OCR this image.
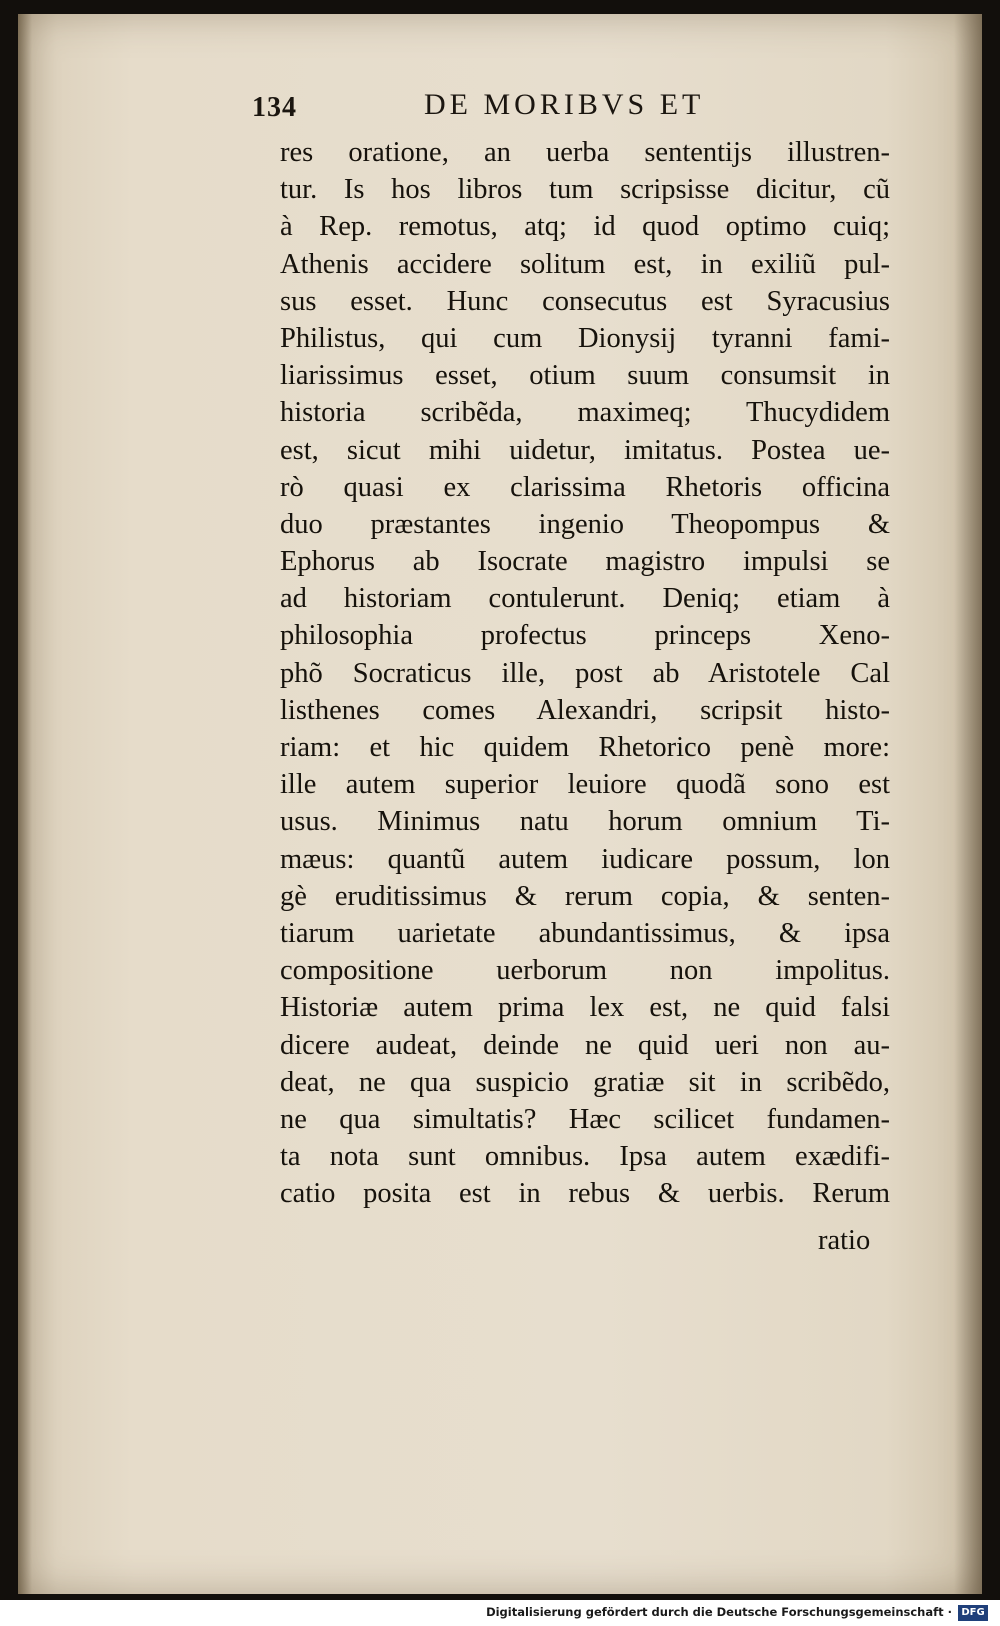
134	DE MORIBVS ET
res oratione, an uerba sententijs illustren-
tur. Is hos libros tum scripsisse dicitur, cũ
à Rep. remotus, atq; id quod optimo cuiq;
Athenis accidere solitum est, in exiliũ pul-
sus esset. Hunc consecutus est Syracusius
Philistus, qui cum Dionysij tyranni fami-
liarissimus esset, otium suum consumsit in
historia scribẽda, maximeq; Thucydidem
est, sicut mihi uidetur, imitatus. Postea ue-
rò quasi ex clarissima Rhetoris officina
duo præstantes ingenio Theopompus &
Ephorus ab Isocrate magistro impulsi se
ad historiam contulerunt. Deniq; etiam à
philosophia profectus princeps Xeno-
phõ Socraticus ille, post ab Aristotele Cal
listhenes comes Alexandri, scripsit histo-
riam: et hic quidem Rhetorico penè more:
ille autem superior leuiore quodã sono est
usus. Minimus natu horum omnium Ti-
mæus: quantũ autem iudicare possum, lon
gè eruditissimus & rerum copia, & senten-
tiarum uarietate abundantissimus, & ipsa
compositione uerborum non impolitus.
Historiæ autem prima lex est, ne quid falsi
dicere audeat, deinde ne quid ueri non au-
deat, ne qua suspicio gratiæ sit in scribẽdo,
ne qua simultatis? Hæc scilicet fundamen-
ta nota sunt omnibus. Ipsa autem exædifi-
catio posita est in rebus & uerbis. Rerum
ratio
Digitalisierung gefördert durch die Deutsche Forschungsgemeinschaft · DFG
